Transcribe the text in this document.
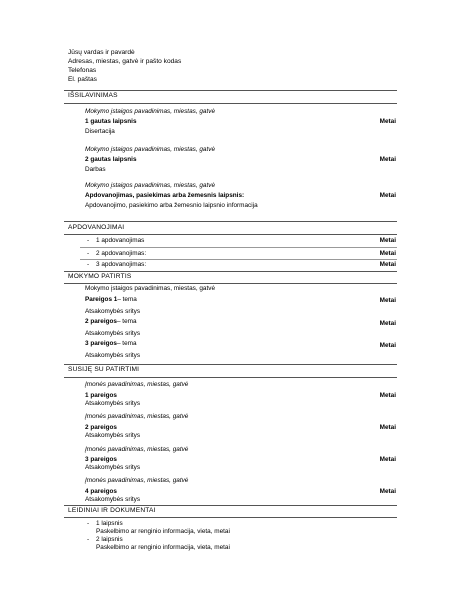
Jūsų vardas ir pavardė
Adresas, miestas, gatvė ir pašto kodas
Telefonas
El. paštas
IŠSILAVINIMAS
Mokymo įstaigos pavadinimas, miestas, gatvė
1 gautas laipsnis	Metai
Disertacija
Mokymo įstaigos pavadinimas, miestas, gatvė
2 gautas laipsnis	Metai
Darbas
Mokymo įstaigos pavadinimas, miestas, gatvė
Apdovanojimas, pasiekimas arba žemesnis laipsnis:	Metai
Apdovanojimo, pasiekimo arba žemesnio laipsnio informacija
APDOVANOJIMAI
- 1 apdovanojimas	Metai
- 2 apdovanojimas:	Metai
- 3 apdovanojimas:	Metai
MOKYMO PATIRTIS
Mokymo įstaigos pavadinimas, miestas, gatvė
Pareigos 1– tema	Metai
Atsakomybės sritys
2 pareigos– tema	Metai
Atsakomybės sritys
3 pareigos– tema	Metai
Atsakomybės sritys
SUSIJĘ SU PATIRTIMI
Įmonės pavadinimas, miestas, gatvė
1 pareigos	Metai
Atsakomybės sritys
Įmonės pavadinimas, miestas, gatvė
2 pareigos	Metai
Atsakomybės sritys
Įmonės pavadinimas, miestas, gatvė
3 pareigos	Metai
Atsakomybės sritys
Įmonės pavadinimas, miestas, gatvė
4 pareigos	Metai
Atsakomybės sritys
LEIDINIAI IR DOKUMENTAI
- 1 laipsnis
Paskelbimo ar renginio informacija, vieta, metai
- 2 laipsnis
Paskelbimo ar renginio informacija, vieta, metai
